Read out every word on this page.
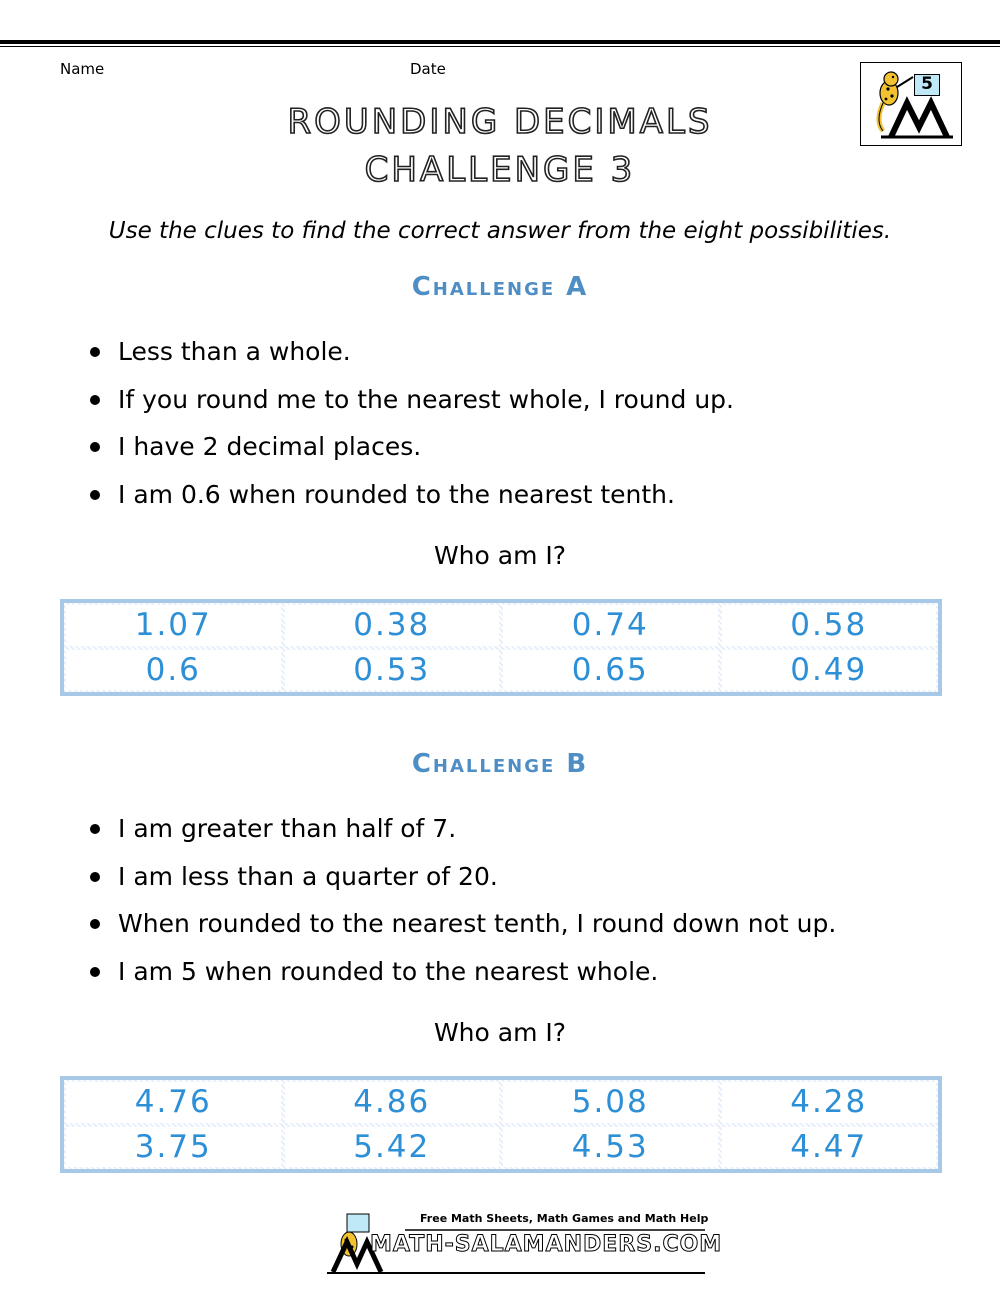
Name	Date
5
ROUNDING DECIMALS
CHALLENGE 3
Use the clues to find the correct answer from the eight possibilities.
Challenge A
Less than a whole.
If you round me to the nearest whole, I round up.
I have 2 decimal places.
I am 0.6 when rounded to the nearest tenth.
Who am I?
1.07	0.38	0.74	0.58
0.6	0.53	0.65	0.49
Challenge B
I am greater than half of 7.
I am less than a quarter of 20.
When rounded to the nearest tenth, I round down not up.
I am 5 when rounded to the nearest whole.
Who am I?
4.76	4.86	5.08	4.28
3.75	5.42	4.53	4.47
Free Math Sheets, Math Games and Math Help
MATH-SALAMANDERS.COM
